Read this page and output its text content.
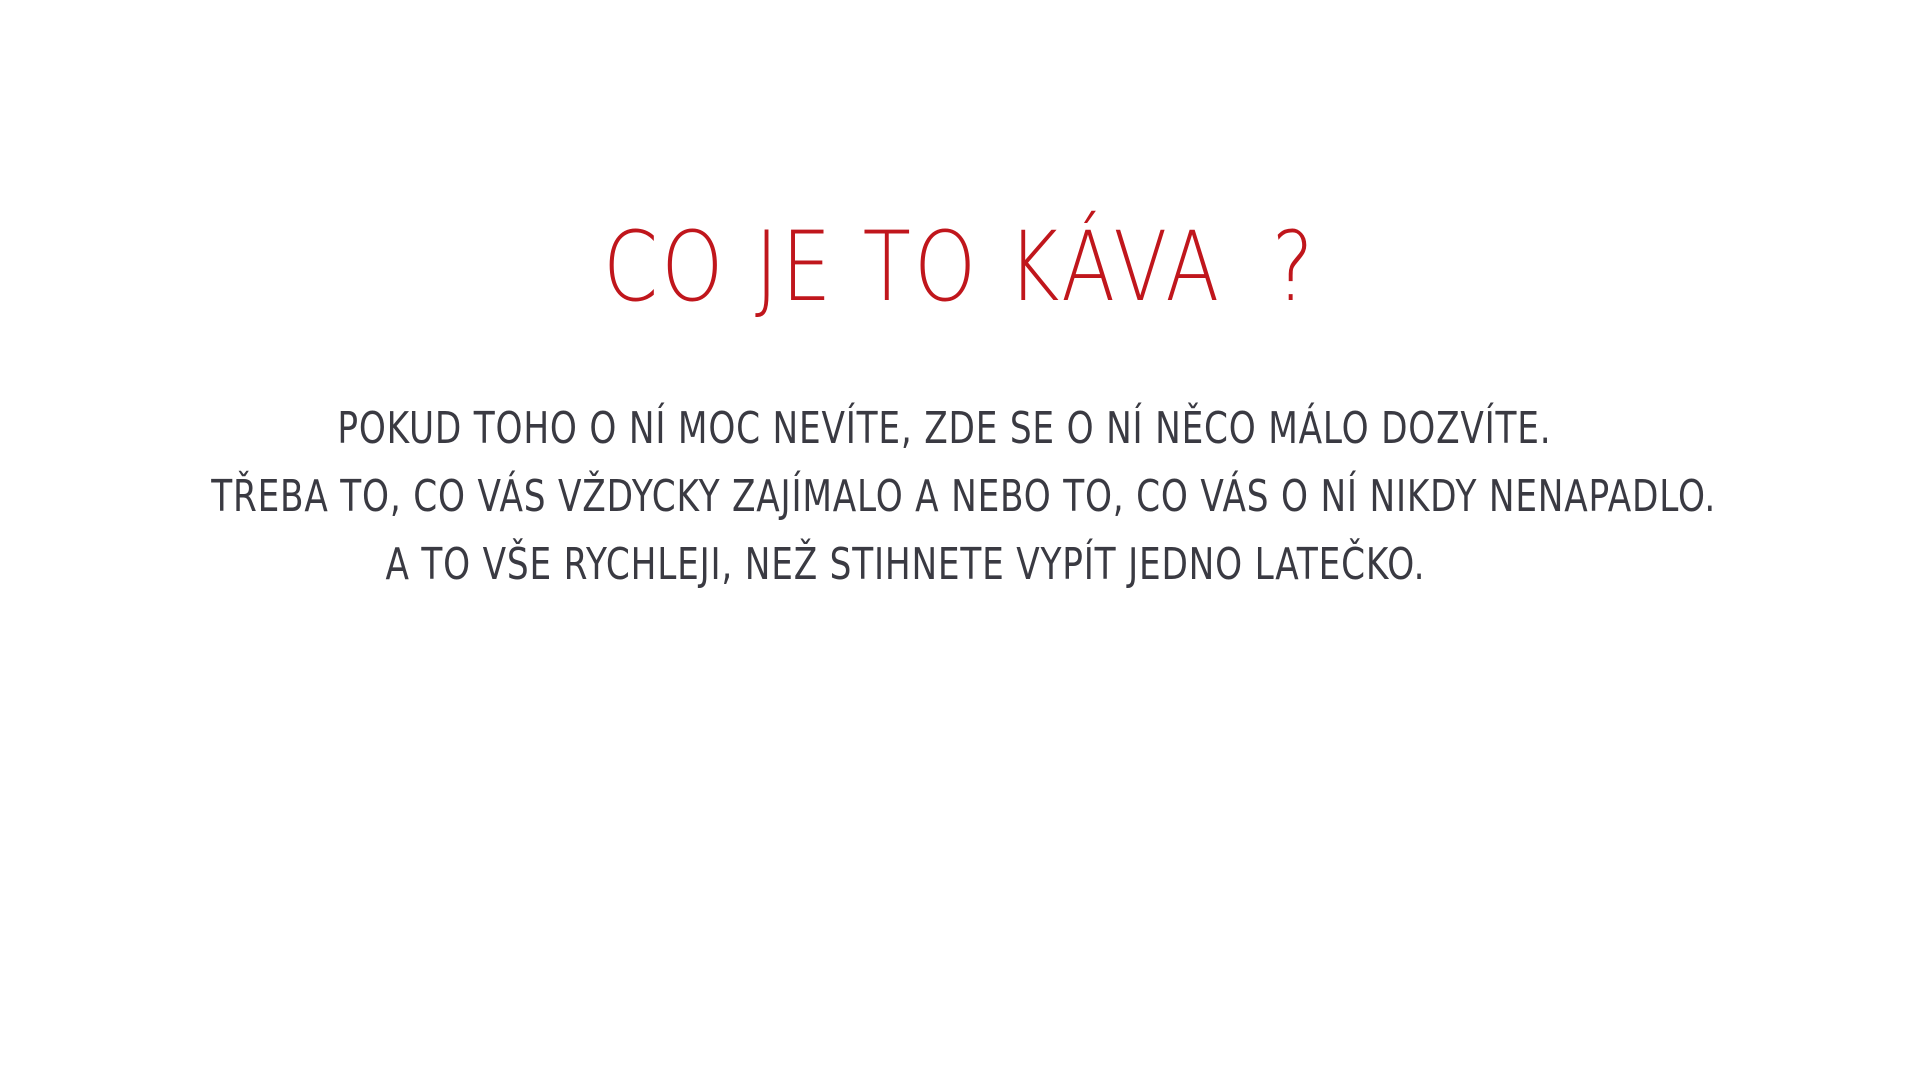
CO JE TO KÁVA ?
POKUD TOHO O NÍ MOC NEVÍTE, ZDE SE O NÍ NĚCO MÁLO DOZVÍTE.
TŘEBA TO, CO VÁS VŽDYCKY ZAJÍMALO A NEBO TO, CO VÁS O NÍ NIKDY NENAPADLO.
A TO VŠE RYCHLEJI, NEŽ STIHNETE VYPÍT JEDNO LATEČKO.
